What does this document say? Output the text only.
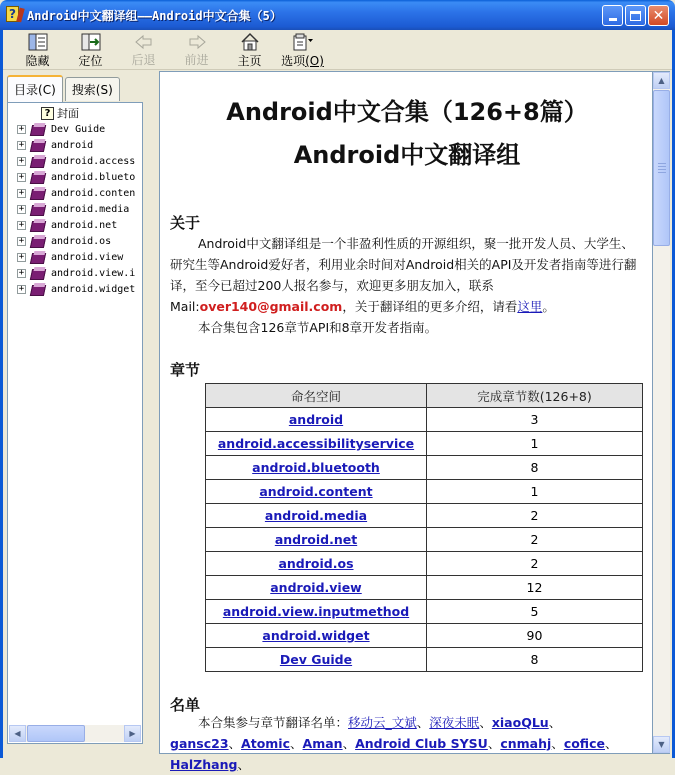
? Android中文翻译组——Android中文合集（5）	✕
隐藏 定位 后退 前进 主页 选项(O)
目录 (C) 搜索 (S)
? 封面
+	Dev Guide
+	android
+	android.access
+	android.blueto
+	android.conten
+	android.media
+	android.net
+	android.os
+	android.view
+	android.view.i
+	android.widget
◀	▶
Android中文合集（126+8篇）
Android中文翻译组
关于
Android中文翻译组是一个非盈利性质的开源组织，聚一批开发人员、大学生、研究生等Android爱好者，利用业余时间对Android相关的API及开发者指南等进行翻译，至今已超过200人报名参与，欢迎更多朋友加入，联系Mail:over140@gmail.com，关于翻译组的更多介绍，请看这里。
本合集包含126章节API和8章开发者指南。
章节
命名空间	完成章节数(126+8)
android	3
android.accessibilityservice	1
android.bluetooth	8
android.content	1
android.media	2
android.net	2
android.os	2
android.view	12
android.view.inputmethod	5
android.widget	90
Dev Guide	8
名单
本合集参与章节翻译名单：移动云_文斌、深夜未眠、xiaoQLu、
gansc23、Atomic、Aman、Android Club SYSU、cnmahj、cofice、HalZhang、
▲
▼
